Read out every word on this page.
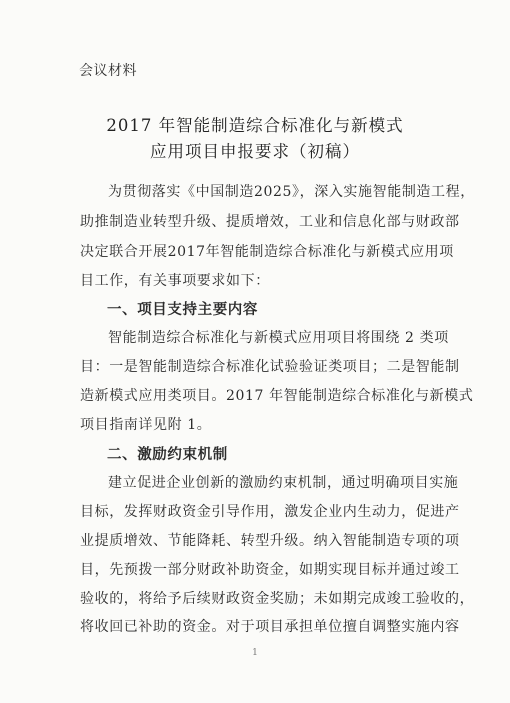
会议材料
2017 年智能制造综合标准化与新模式
应用项目申报要求（初稿）
为贯彻落实《中国制造2025》，深入实施智能制造工程，
助推制造业转型升级、提质增效，工业和信息化部与财政部
决定联合开展2017年智能制造综合标准化与新模式应用项
目工作，有关事项要求如下：
一、项目支持主要内容
智能制造综合标准化与新模式应用项目将围绕 2 类项
目：一是智能制造综合标准化试验验证类项目；二是智能制
造新模式应用类项目。2017 年智能制造综合标准化与新模式
项目指南详见附 1。
二、激励约束机制
建立促进企业创新的激励约束机制，通过明确项目实施
目标，发挥财政资金引导作用，激发企业内生动力，促进产
业提质增效、节能降耗、转型升级。纳入智能制造专项的项
目，先预拨一部分财政补助资金，如期实现目标并通过竣工
验收的，将给予后续财政资金奖励；未如期完成竣工验收的，
将收回已补助的资金。对于项目承担单位擅自调整实施内容
1
